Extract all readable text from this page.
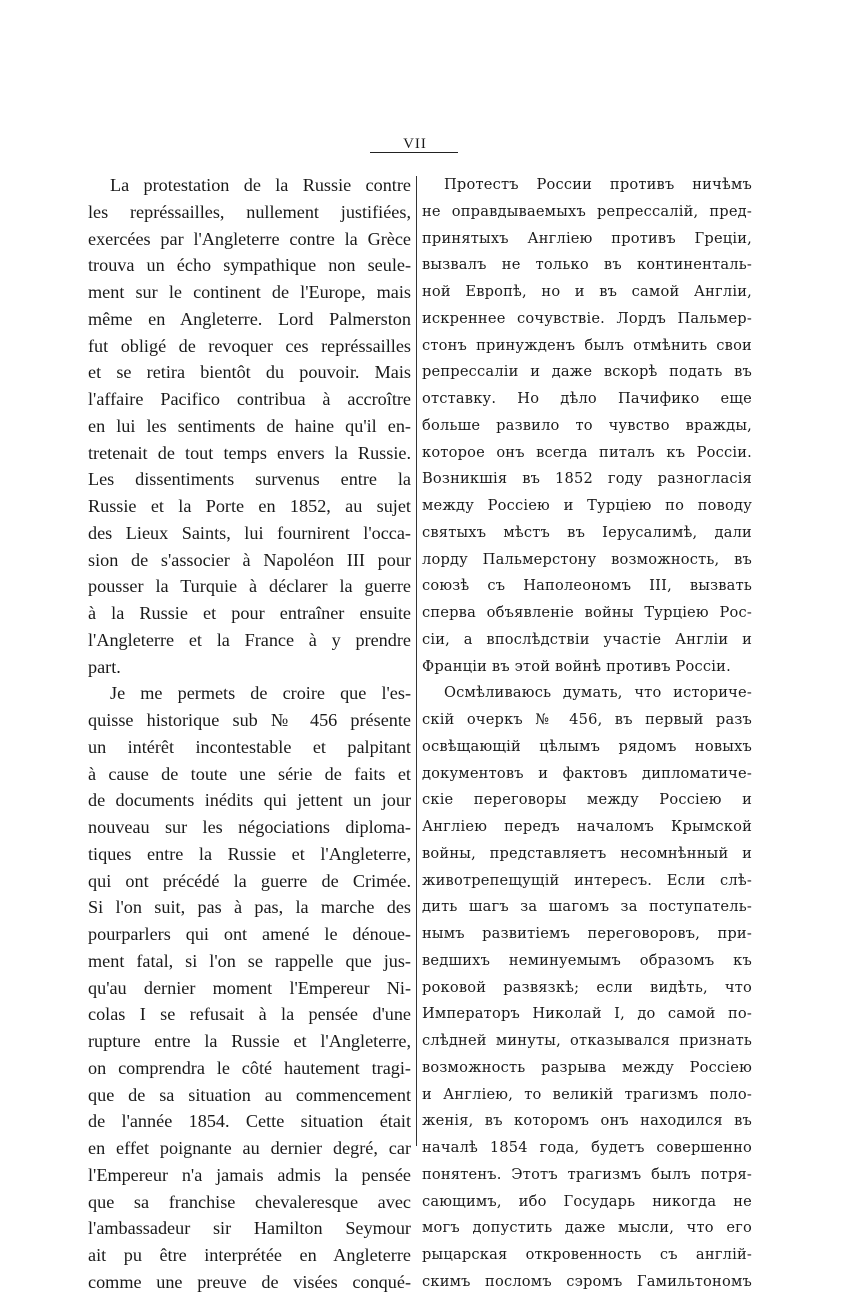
VII
La protestation de la Russie contre
les représsailles, nullement justifiées,
exercées par l'Angleterre contre la Grèce
trouva un écho sympathique non seule-
ment sur le continent de l'Europe, mais
même en Angleterre. Lord Palmerston
fut obligé de revoquer ces représsailles
et se retira bientôt du pouvoir. Mais
l'affaire Pacifico contribua à accroître
en lui les sentiments de haine qu'il en-
tretenait de tout temps envers la Russie.
Les dissentiments survenus entre la
Russie et la Porte en 1852, au sujet
des Lieux Saints, lui fournirent l'occa-
sion de s'associer à Napoléon III pour
pousser la Turquie à déclarer la guerre
à la Russie et pour entraîner ensuite
l'Angleterre et la France à y prendre
part.
Je me permets de croire que l'es-
quisse historique sub № 456 présente
un intérêt incontestable et palpitant
à cause de toute une série de faits et
de documents inédits qui jettent un jour
nouveau sur les négociations diploma-
tiques entre la Russie et l'Angleterre,
qui ont précédé la guerre de Crimée.
Si l'on suit, pas à pas, la marche des
pourparlers qui ont amené le dénoue-
ment fatal, si l'on se rappelle que jus-
qu'au dernier moment l'Empereur Ni-
colas I se refusait à la pensée d'une
rupture entre la Russie et l'Angleterre,
on comprendra le côté hautement tragi-
que de sa situation au commencement
de l'année 1854. Cette situation était
en effet poignante au dernier degré, car
l'Empereur n'a jamais admis la pensée
que sa franchise chevaleresque avec
l'ambassadeur sir Hamilton Seymour
ait pu être interprétée en Angleterre
comme une preuve de visées conqué-
Протестъ России противъ ничѣмъ
не оправдываемыхъ репрессалій, пред-
принятыхъ Англіею противъ Греціи,
вызвалъ не только въ континенталь-
ной Европѣ, но и въ самой Англіи,
искреннее сочувствіе. Лордъ Пальмер-
стонъ принужденъ былъ отмѣнить свои
репрессаліи и даже вскорѣ подать въ
отставку. Но дѣло Пачифико еще
больше развило то чувство вражды,
которое онъ всегда питалъ къ Россіи.
Возникшія въ 1852 году разногласія
между Россіею и Турціею по поводу
святыхъ мѣстъ въ Іерусалимѣ, дали
лорду Пальмерстону возможность, въ
союзѣ съ Наполеономъ III, вызвать
сперва объявленіе войны Турціею Рос-
сіи, а впослѣдствіи участіе Англіи и
Франціи въ этой войнѣ противъ Россіи.
Осмѣливаюсь думать, что историче-
скій очеркъ № 456, въ первый разъ
освѣщающій цѣлымъ рядомъ новыхъ
документовъ и фактовъ дипломатиче-
скіе переговоры между Россіею и
Англіею передъ началомъ Крымской
войны, представляетъ несомнѣнный и
животрепещущій интересъ. Если слѣ-
дить шагъ за шагомъ за поступатель-
нымъ развитіемъ переговоровъ, при-
ведшихъ неминуемымъ образомъ къ
роковой развязкѣ; если видѣть, что
Императоръ Николай I, до самой по-
слѣдней минуты, отказывался признать
возможность разрыва между Россіею
и Англіею, то великій трагизмъ поло-
женія, въ которомъ онъ находился въ
началѣ 1854 года, будетъ совершенно
понятенъ. Этотъ трагизмъ былъ потря-
сающимъ, ибо Государь никогда не
могъ допустить даже мысли, что его
рыцарская откровенность съ англій-
скимъ посломъ сэромъ Гамильтономъ
